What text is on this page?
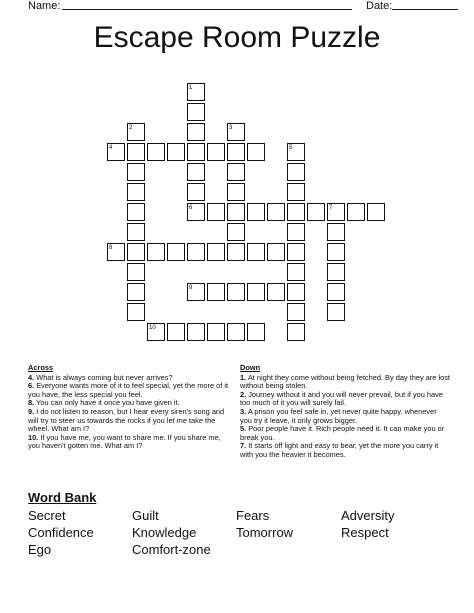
Name:	Date:
Escape Room Puzzle
1
2	3
4	5
6	7
8
9
10
Across
4. What is always coming but never arrives?
6. Everyone wants more of it to feel special, yet the more of it you have, the less special you feel.
8. You can only have it once you have given it.
9. I do not listen to reason, but I hear every siren's song and will try to steer us towards the rocks if you let me take the wheel. What am I?
10. If you have me, you want to share me. If you share me, you haven't gotten me. What am I?
Down
1. At night they come without being fetched. By day they are lost without being stolen.
2. Journey without it and you will never prevail, but if you have too much of it you will surely fail.
3. A prison you feel safe in, yet never quite happy. whenever you try it leave, it only grows bigger.
5. Poor people have it. Rich people need it. It can make you or break you.
7. It starts off light and easy to bear, yet the more you carry it with you the heavier it becomes.
Word Bank
Secret	Guilt	Fears	Adversity
Confidence	Knowledge	Tomorrow	Respect
Ego	Comfort-zone
